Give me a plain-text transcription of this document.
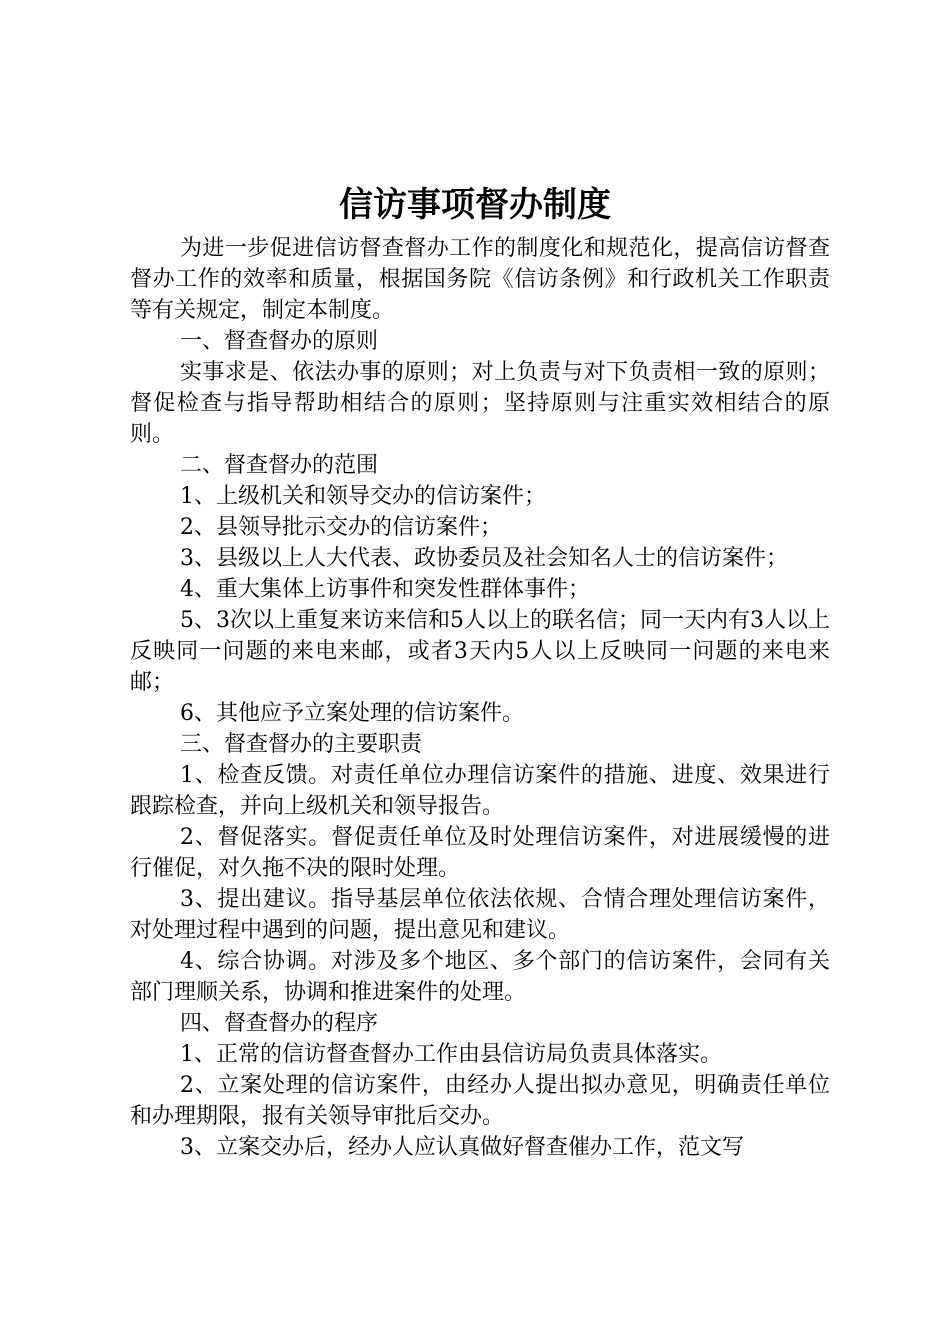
信访事项督办制度

为进一步促进信访督查督办工作的制度化和规范化，提高信访督查督办工作的效率和质量，根据国务院《信访条例》和行政机关工作职责等有关规定，制定本制度。

一、督查督办的原则

实事求是、依法办事的原则；对上负责与对下负责相一致的原则；督促检查与指导帮助相结合的原则；坚持原则与注重实效相结合的原则。

二、督查督办的范围

1、上级机关和领导交办的信访案件；

2、县领导批示交办的信访案件；

3、县级以上人大代表、政协委员及社会知名人士的信访案件；

4、重大集体上访事件和突发性群体事件；

5、3次以上重复来访来信和5人以上的联名信；同一天内有3人以上反映同一问题的来电来邮，或者3天内5人以上反映同一问题的来电来邮；

6、其他应予立案处理的信访案件。

三、督查督办的主要职责

1、检查反馈。对责任单位办理信访案件的措施、进度、效果进行跟踪检查，并向上级机关和领导报告。

2、督促落实。督促责任单位及时处理信访案件，对进展缓慢的进行催促，对久拖不决的限时处理。

3、提出建议。指导基层单位依法依规、合情合理处理信访案件，对处理过程中遇到的问题，提出意见和建议。

4、综合协调。对涉及多个地区、多个部门的信访案件，会同有关部门理顺关系，协调和推进案件的处理。

四、督查督办的程序

1、正常的信访督查督办工作由县信访局负责具体落实。

2、立案处理的信访案件，由经办人提出拟办意见，明确责任单位和办理期限，报有关领导审批后交办。

3、立案交办后，经办人应认真做好督查催办工作，范文写
